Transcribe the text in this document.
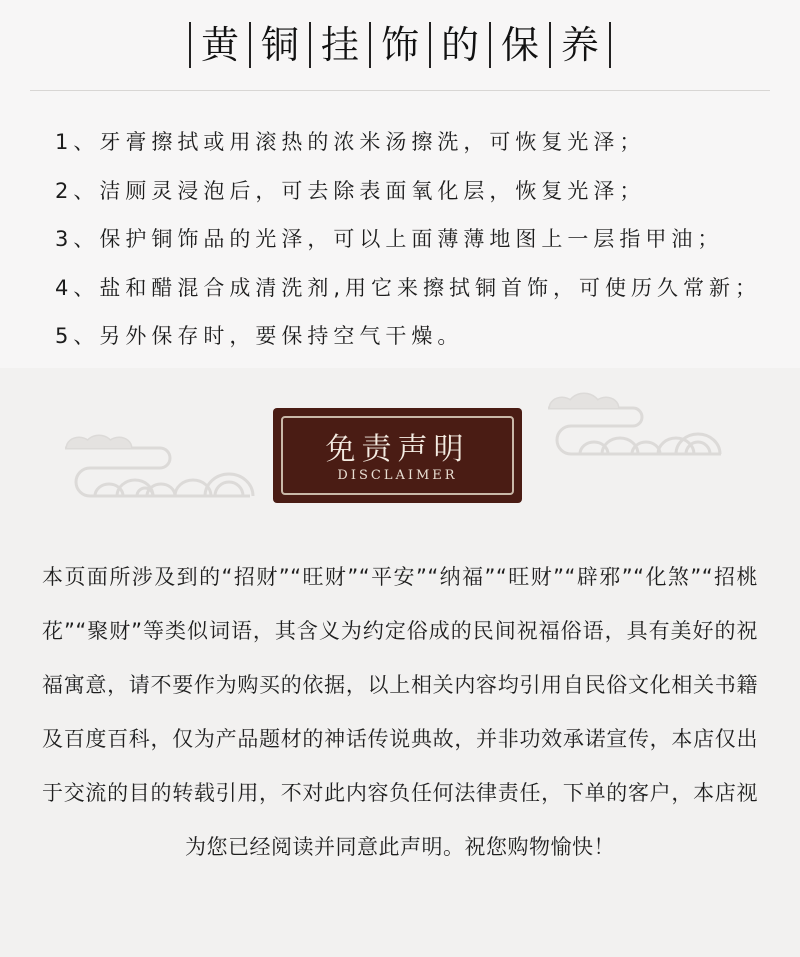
黄 铜 挂 饰 的 保 养
1、牙膏擦拭或用滚热的浓米汤擦洗，可恢复光泽；
2、洁厕灵浸泡后，可去除表面氧化层，恢复光泽；
3、保护铜饰品的光泽，可以上面薄薄地图上一层指甲油；
4、盐和醋混合成清洗剂,用它来擦拭铜首饰，可使历久常新；
5、另外保存时，要保持空气干燥。
免责声明
DISCLAIMER
本页面所涉及到的“招财”“旺财”“平安”“纳福”“旺财”“辟邪”“化煞”“招桃花”“聚财”等类似词语，其含义为约定俗成的民间祝福俗语，具有美好的祝福寓意，请不要作为购买的依据，以上相关内容均引用自民俗文化相关书籍及百度百科，仅为产品题材的神话传说典故，并非功效承诺宣传，本店仅出于交流的目的转载引用，不对此内容负任何法律责任，下单的客户，本店视为您已经阅读并同意此声明。祝您购物愉快！
